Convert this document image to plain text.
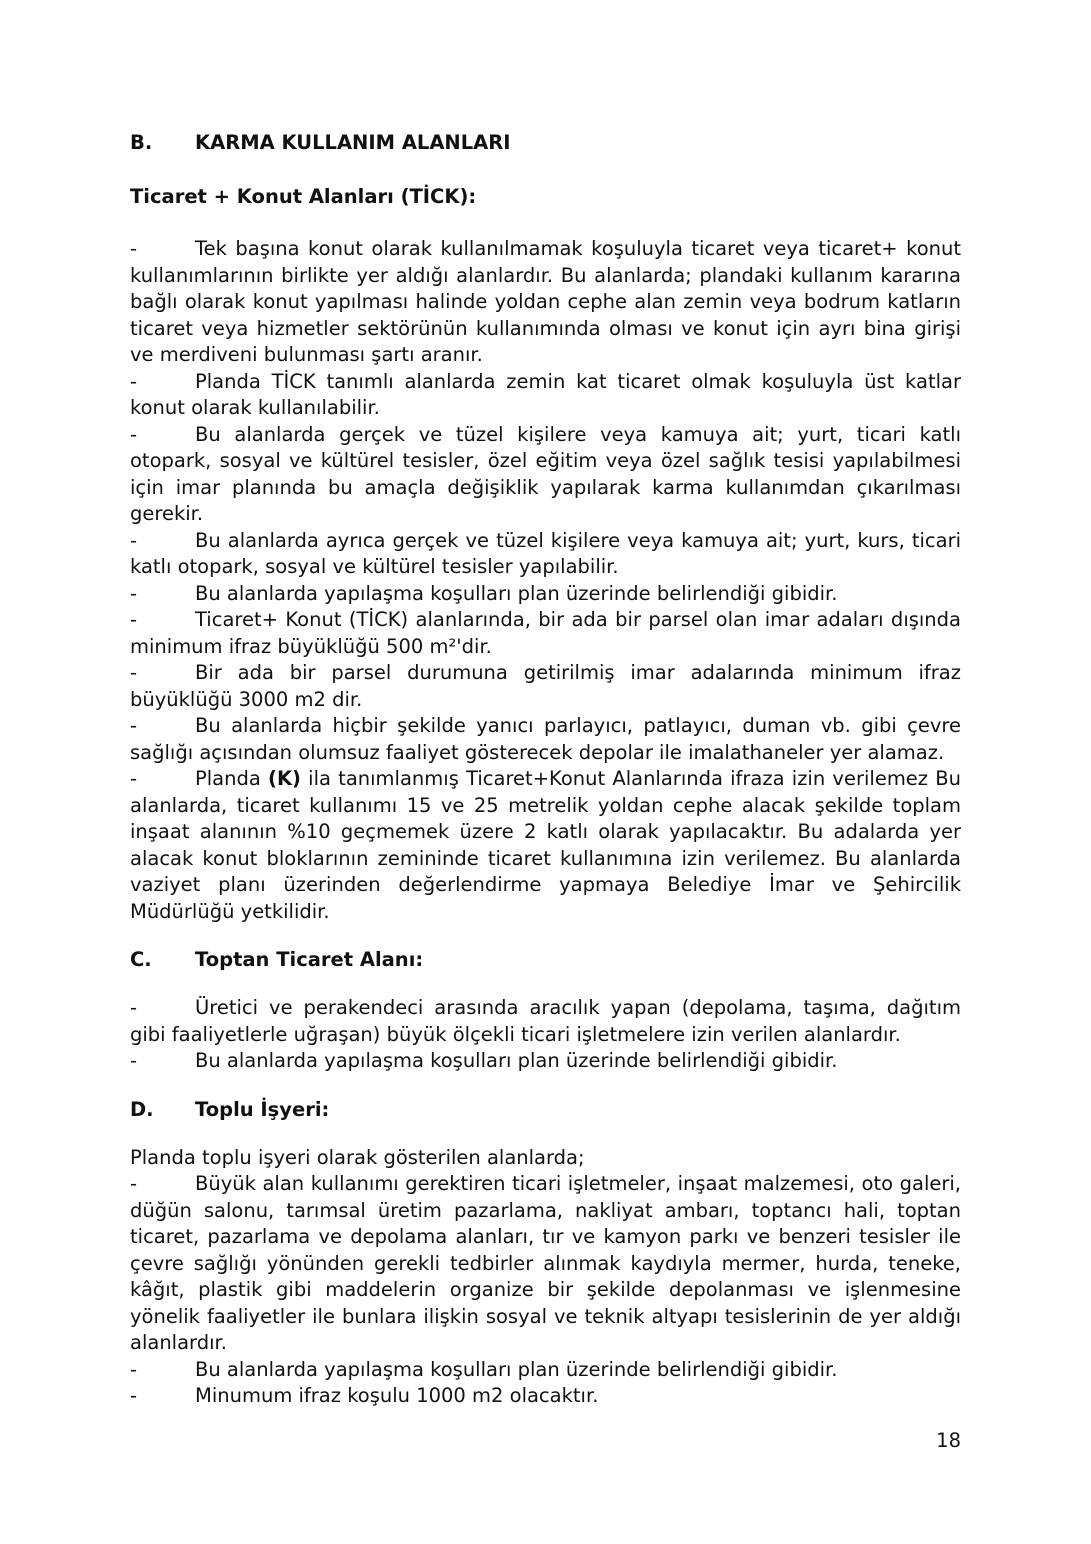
B.	KARMA KULLANIM ALANLARI
Ticaret + Konut Alanları (TİCK):

-	Tek başına konut olarak kullanılmamak koşuluyla ticaret veya ticaret+ konut kullanımlarının birlikte yer aldığı alanlardır. Bu alanlarda; plandaki kullanım kararına bağlı olarak konut yapılması halinde yoldan cephe alan zemin veya bodrum katların ticaret veya hizmetler sektörünün kullanımında olması ve konut için ayrı bina girişi ve merdiveni bulunması şartı aranır.

-	Planda TİCK tanımlı alanlarda zemin kat ticaret olmak koşuluyla üst katlar konut olarak kullanılabilir.

-	Bu alanlarda gerçek ve tüzel kişilere veya kamuya ait; yurt, ticari katlı otopark, sosyal ve kültürel tesisler, özel eğitim veya özel sağlık tesisi yapılabilmesi için imar planında bu amaçla değişiklik yapılarak karma kullanımdan çıkarılması gerekir.

-	Bu alanlarda ayrıca gerçek ve tüzel kişilere veya kamuya ait; yurt, kurs, ticari katlı otopark, sosyal ve kültürel tesisler yapılabilir.

-	Bu alanlarda yapılaşma koşulları plan üzerinde belirlendiği gibidir.

-	Ticaret+ Konut (TİCK) alanlarında, bir ada bir parsel olan imar adaları dışında minimum ifraz büyüklüğü 500 m²'dir.

-	Bir ada bir parsel durumuna getirilmiş imar adalarında minimum ifraz büyüklüğü 3000 m2 dir.

-	Bu alanlarda hiçbir şekilde yanıcı parlayıcı, patlayıcı, duman vb. gibi çevre sağlığı açısından olumsuz faaliyet gösterecek depolar ile imalathaneler yer alamaz.

-	Planda (K) ila tanımlanmış Ticaret+Konut Alanlarında ifraza izin verilemez Bu alanlarda, ticaret kullanımı 15 ve 25 metrelik yoldan cephe alacak şekilde toplam inşaat alanının %10 geçmemek üzere 2 katlı olarak yapılacaktır. Bu adalarda yer alacak konut bloklarının zemininde ticaret kullanımına izin verilemez. Bu alanlarda vaziyet planı üzerinden değerlendirme yapmaya Belediye İmar ve Şehircilik Müdürlüğü yetkilidir.

C.	Toptan Ticaret Alanı:

-	Üretici ve perakendeci arasında aracılık yapan (depolama, taşıma, dağıtım gibi faaliyetlerle uğraşan) büyük ölçekli ticari işletmelere izin verilen alanlardır.

-	Bu alanlarda yapılaşma koşulları plan üzerinde belirlendiği gibidir.

D.	Toplu İşyeri:

Planda toplu işyeri olarak gösterilen alanlarda;

-	Büyük alan kullanımı gerektiren ticari işletmeler, inşaat malzemesi, oto galeri, düğün salonu, tarımsal üretim pazarlama, nakliyat ambarı, toptancı hali, toptan ticaret, pazarlama ve depolama alanları, tır ve kamyon parkı ve benzeri tesisler ile çevre sağlığı yönünden gerekli tedbirler alınmak kaydıyla mermer, hurda, teneke, kâğıt, plastik gibi maddelerin organize bir şekilde depolanması ve işlenmesine yönelik faaliyetler ile bunlara ilişkin sosyal ve teknik altyapı tesislerinin de yer aldığı alanlardır.

-	Bu alanlarda yapılaşma koşulları plan üzerinde belirlendiği gibidir.

-	Minumum ifraz koşulu 1000 m2 olacaktır.

18
